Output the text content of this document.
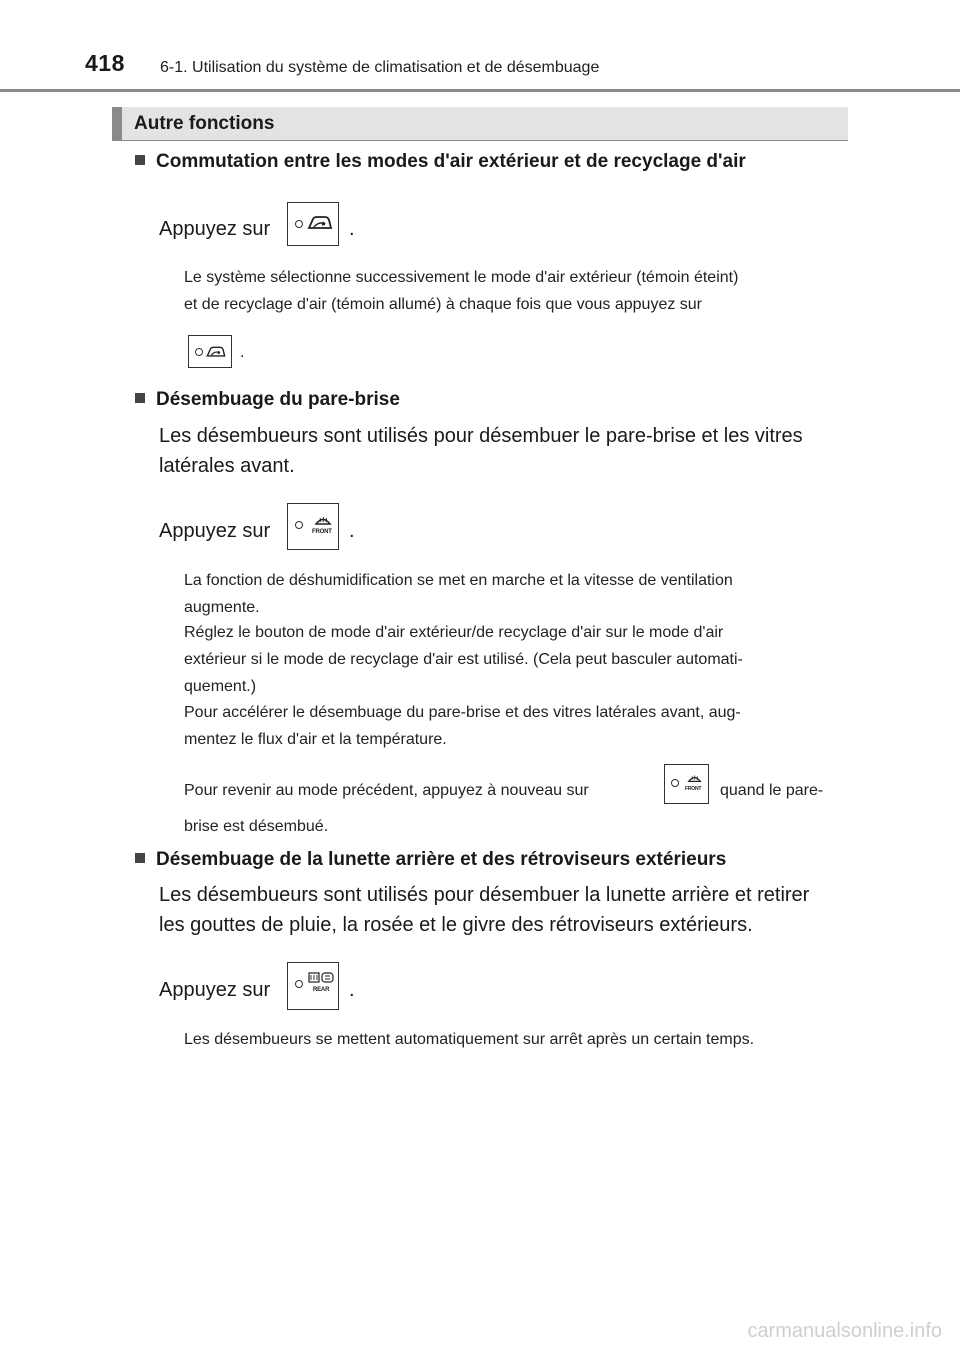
418 6-1. Utilisation du système de climatisation et de désembuage
Autre fonctions
Commutation entre les modes d'air extérieur et de recyclage d'air
Appuyez sur	.
Le système sélectionne successivement le mode d'air extérieur (témoin éteint)
et de recyclage d'air (témoin allumé) à chaque fois que vous appuyez sur
.
Désembuage du pare-brise
Les désembueurs sont utilisés pour désembuer le pare-brise et les vitres
latérales avant.
Appuyez sur	FRONT .
La fonction de déshumidification se met en marche et la vitesse de ventilation
augmente.
Réglez le bouton de mode d'air extérieur/de recyclage d'air sur le mode d'air
extérieur si le mode de recyclage d'air est utilisé. (Cela peut basculer automati-
quement.)
Pour accélérer le désembuage du pare-brise et des vitres latérales avant, aug-
mentez le flux d'air et la température.
Pour revenir au mode précédent, appuyez à nouveau sur	FRONT quand le pare-
brise est désembué.
Désembuage de la lunette arrière et des rétroviseurs extérieurs
Les désembueurs sont utilisés pour désembuer la lunette arrière et retirer
les gouttes de pluie, la rosée et le givre des rétroviseurs extérieurs.
Appuyez sur	REAR .
Les désembueurs se mettent automatiquement sur arrêt après un certain temps.
carmanualsonline.info
